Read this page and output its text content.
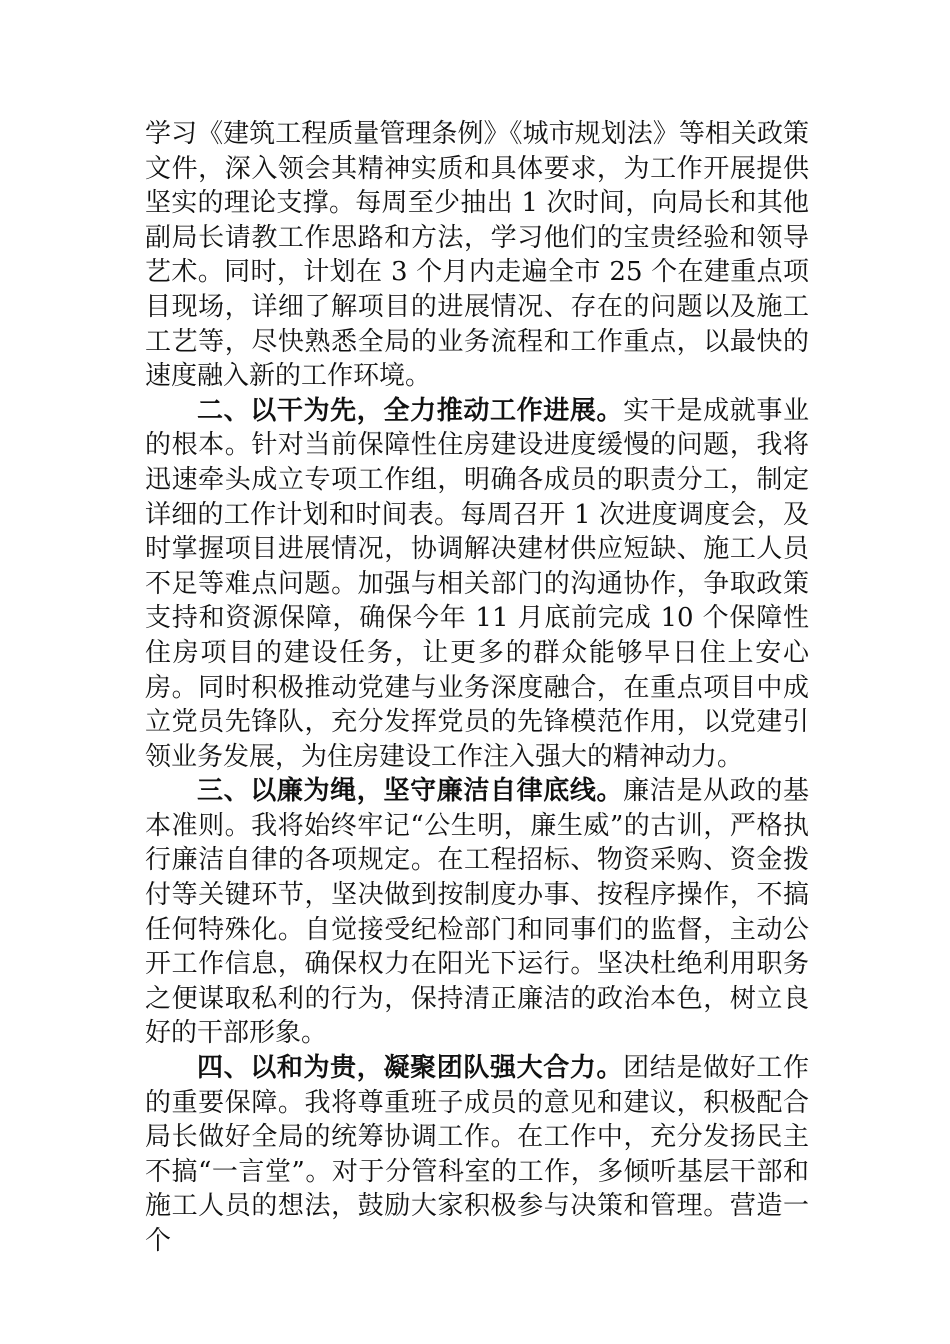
学习《建筑工程质量管理条例》《城市规划法》等相关政策文件，深入领会其精神实质和具体要求，为工作开展提供坚实的理论支撑。每周至少抽出 1 次时间，向局长和其他副局长请教工作思路和方法，学习他们的宝贵经验和领导艺术。同时，计划在 3 个月内走遍全市 25 个在建重点项目现场，详细了解项目的进展情况、存在的问题以及施工工艺等，尽快熟悉全局的业务流程和工作重点，以最快的速度融入新的工作环境。

二、以干为先，全力推动工作进展。实干是成就事业的根本。针对当前保障性住房建设进度缓慢的问题，我将迅速牵头成立专项工作组，明确各成员的职责分工，制定详细的工作计划和时间表。每周召开 1 次进度调度会，及时掌握项目进展情况，协调解决建材供应短缺、施工人员不足等难点问题。加强与相关部门的沟通协作，争取政策支持和资源保障，确保今年 11 月底前完成 10 个保障性住房项目的建设任务，让更多的群众能够早日住上安心房。同时积极推动党建与业务深度融合，在重点项目中成立党员先锋队，充分发挥党员的先锋模范作用，以党建引领业务发展，为住房建设工作注入强大的精神动力。

三、以廉为绳，坚守廉洁自律底线。廉洁是从政的基本准则。我将始终牢记“公生明，廉生威”的古训，严格执行廉洁自律的各项规定。在工程招标、物资采购、资金拨付等关键环节，坚决做到按制度办事、按程序操作，不搞任何特殊化。自觉接受纪检部门和同事们的监督，主动公开工作信息，确保权力在阳光下运行。坚决杜绝利用职务之便谋取私利的行为，保持清正廉洁的政治本色，树立良好的干部形象。

四、以和为贵，凝聚团队强大合力。团结是做好工作的重要保障。我将尊重班子成员的意见和建议，积极配合局长做好全局的统筹协调工作。在工作中，充分发扬民主不搞“一言堂”。对于分管科室的工作，多倾听基层干部和施工人员的想法，鼓励大家积极参与决策和管理。营造一个
